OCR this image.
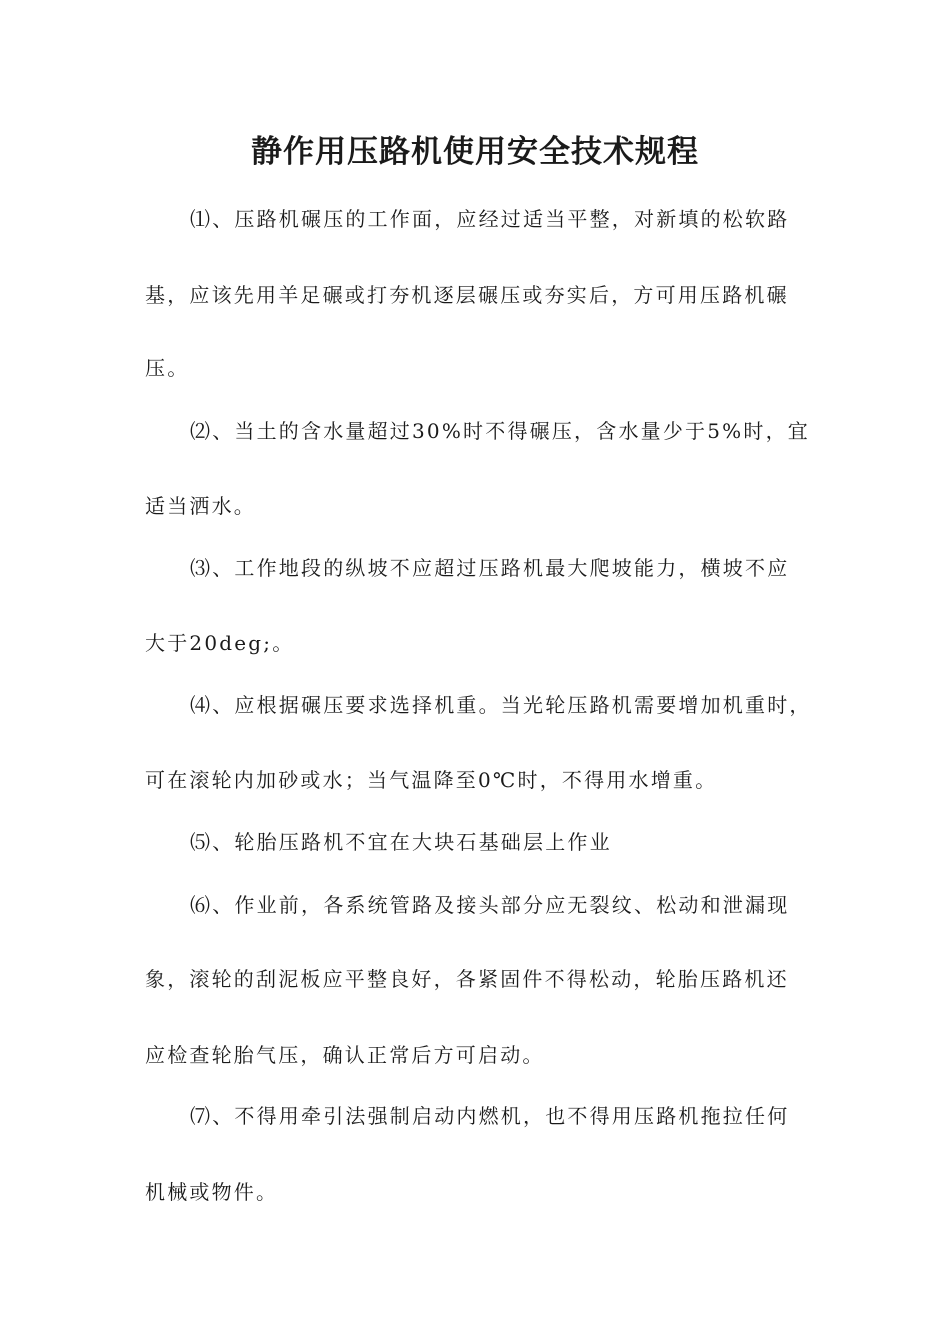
静作用压路机使用安全技术规程
⑴、压路机碾压的工作面，应经过适当平整，对新填的松软路
基，应该先用羊足碾或打夯机逐层碾压或夯实后，方可用压路机碾
压。
⑵、当土的含水量超过30%时不得碾压，含水量少于5%时，宜
适当洒水。
⑶、工作地段的纵坡不应超过压路机最大爬坡能力，横坡不应
大于20deg;。
⑷、应根据碾压要求选择机重。当光轮压路机需要增加机重时，
可在滚轮内加砂或水；当气温降至0℃时，不得用水增重。
⑸、轮胎压路机不宜在大块石基础层上作业
⑹、作业前，各系统管路及接头部分应无裂纹、松动和泄漏现
象，滚轮的刮泥板应平整良好，各紧固件不得松动，轮胎压路机还
应检查轮胎气压，确认正常后方可启动。
⑺、不得用牵引法强制启动内燃机，也不得用压路机拖拉任何
机械或物件。
